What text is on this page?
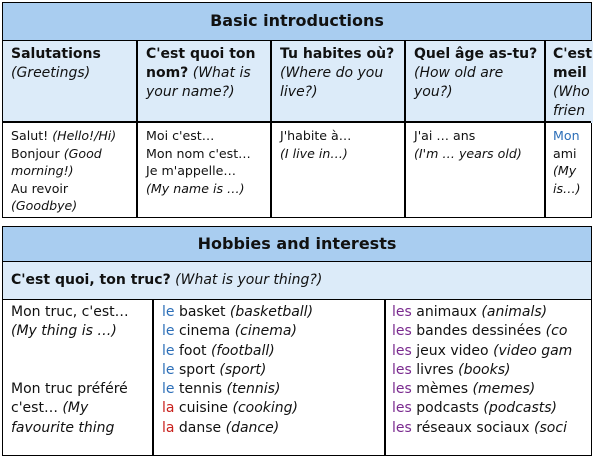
Basic introductions
Salutations
(Greetings)
C'est quoi ton nom? (What is your name?)
Tu habites où?
(Where do you live?)
Quel âge as-tu?
(How old are you?)
C'est meil
(Who frien
Salut! (Hello!/Hi)
Bonjour (Good
morning!)
Au revoir
(Goodbye)
Moi c'est…
Mon nom c'est…
Je m'appelle…
(My name is …)
J'habite à…
(I live in…)
J'ai … ans
(I'm … years old)
Mon
ami
(My
is…)
Hobbies and interests
C'est quoi, ton truc? (What is your thing?)
Mon truc, c'est…
(My thing is …)

Mon truc préféré
c'est… (My
favourite thing
le basket (basketball)
le cinema (cinema)
le foot (football)
le sport (sport)
le tennis (tennis)
la cuisine (cooking)
la danse (dance)
les animaux (animals)
les bandes dessinées (co
les jeux video (video gam
les livres (books)
les mèmes (memes)
les podcasts (podcasts)
les réseaux sociaux (soci
